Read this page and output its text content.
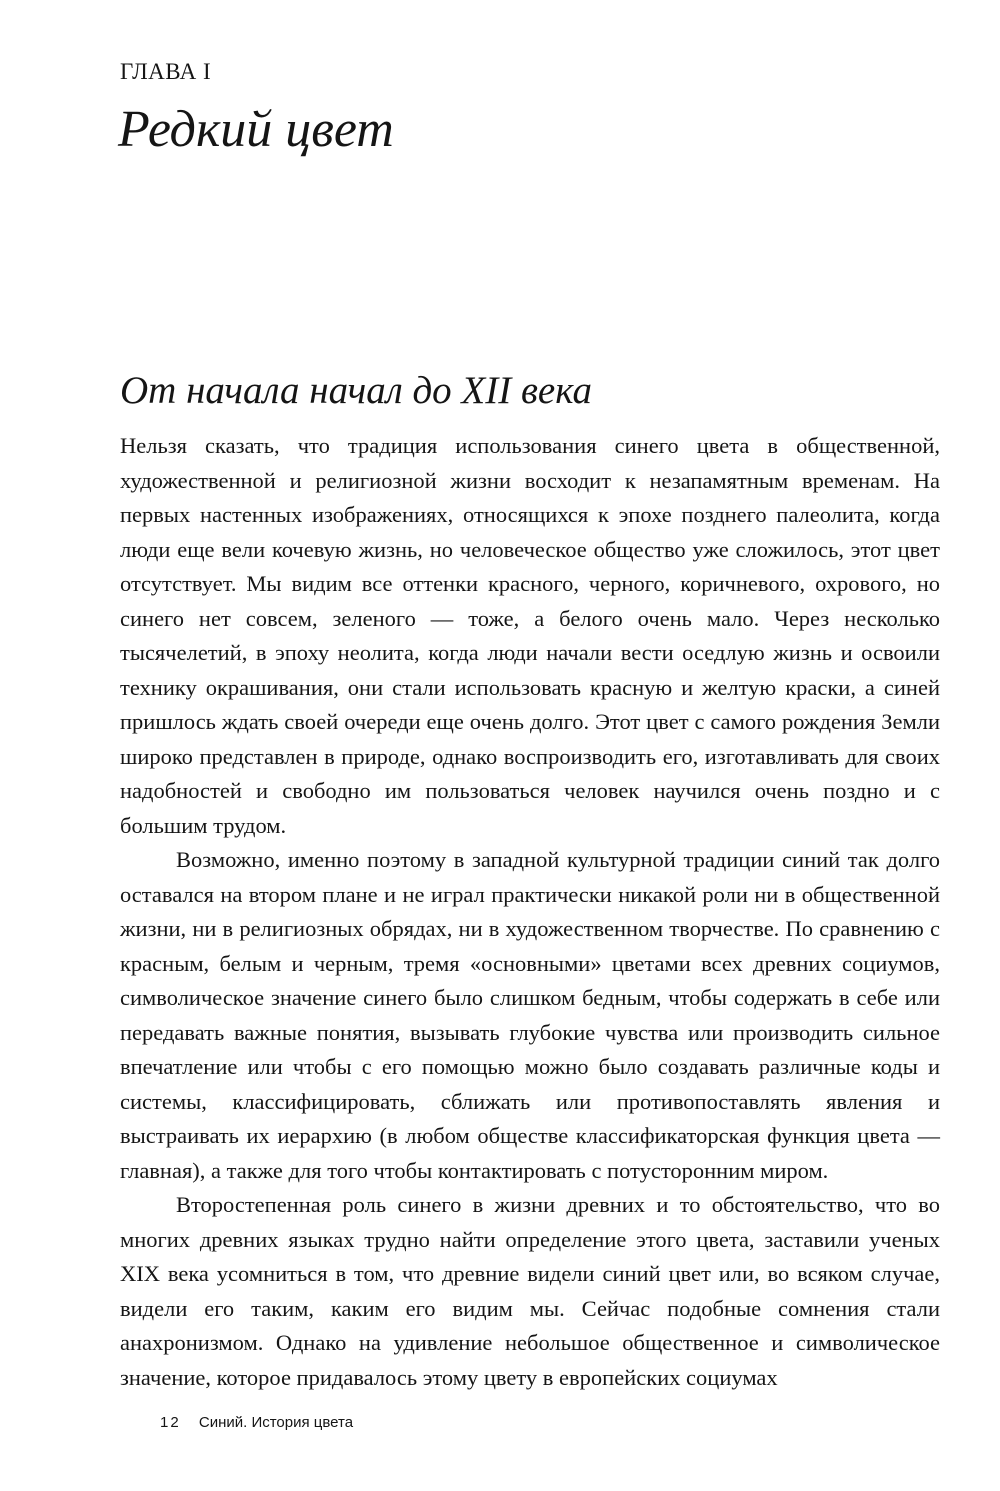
ГЛАВА I
Редкий цвет
От начала начал до XII века

Нельзя сказать, что традиция использования синего цвета в общественной, художественной и религиозной жизни восходит к незапамятным временам. На первых настенных изображениях, относящихся к эпохе позднего палеолита, когда люди еще вели кочевую жизнь, но человеческое общество уже сложилось, этот цвет отсутствует. Мы видим все оттенки красного, черного, коричневого, охрового, но синего нет совсем, зеленого — тоже, а белого очень мало. Через несколько тысячелетий, в эпоху неолита, когда люди начали вести оседлую жизнь и освоили технику окрашивания, они стали использовать красную и желтую краски, а синей пришлось ждать своей очереди еще очень долго. Этот цвет с самого рождения Земли широко представлен в природе, однако воспроизводить его, изготавливать для своих надобностей и свободно им пользоваться человек научился очень поздно и с большим трудом.

Возможно, именно поэтому в западной культурной традиции синий так долго оставался на втором плане и не играл практически никакой роли ни в общественной жизни, ни в религиозных обрядах, ни в художественном творчестве. По сравнению с красным, белым и черным, тремя «основными» цветами всех древних социумов, символическое значение синего было слишком бедным, чтобы содержать в себе или передавать важные понятия, вызывать глубокие чувства или производить сильное впечатление или чтобы с его помощью можно было создавать различные коды и системы, классифицировать, сближать или противопоставлять явления и выстраивать их иерархию (в любом обществе классификаторская функция цвета — главная), а также для того чтобы контактировать с потусторонним миром.

Второстепенная роль синего в жизни древних и то обстоятельство, что во многих древних языках трудно найти определение этого цвета, заставили ученых XIX века усомниться в том, что древние видели синий цвет или, во всяком случае, видели его таким, каким его видим мы. Сейчас подобные сомнения стали анахронизмом. Однако на удивление небольшое общественное и символическое значение, которое придавалось этому цвету в европейских социумах

12 Синий. История цвета
